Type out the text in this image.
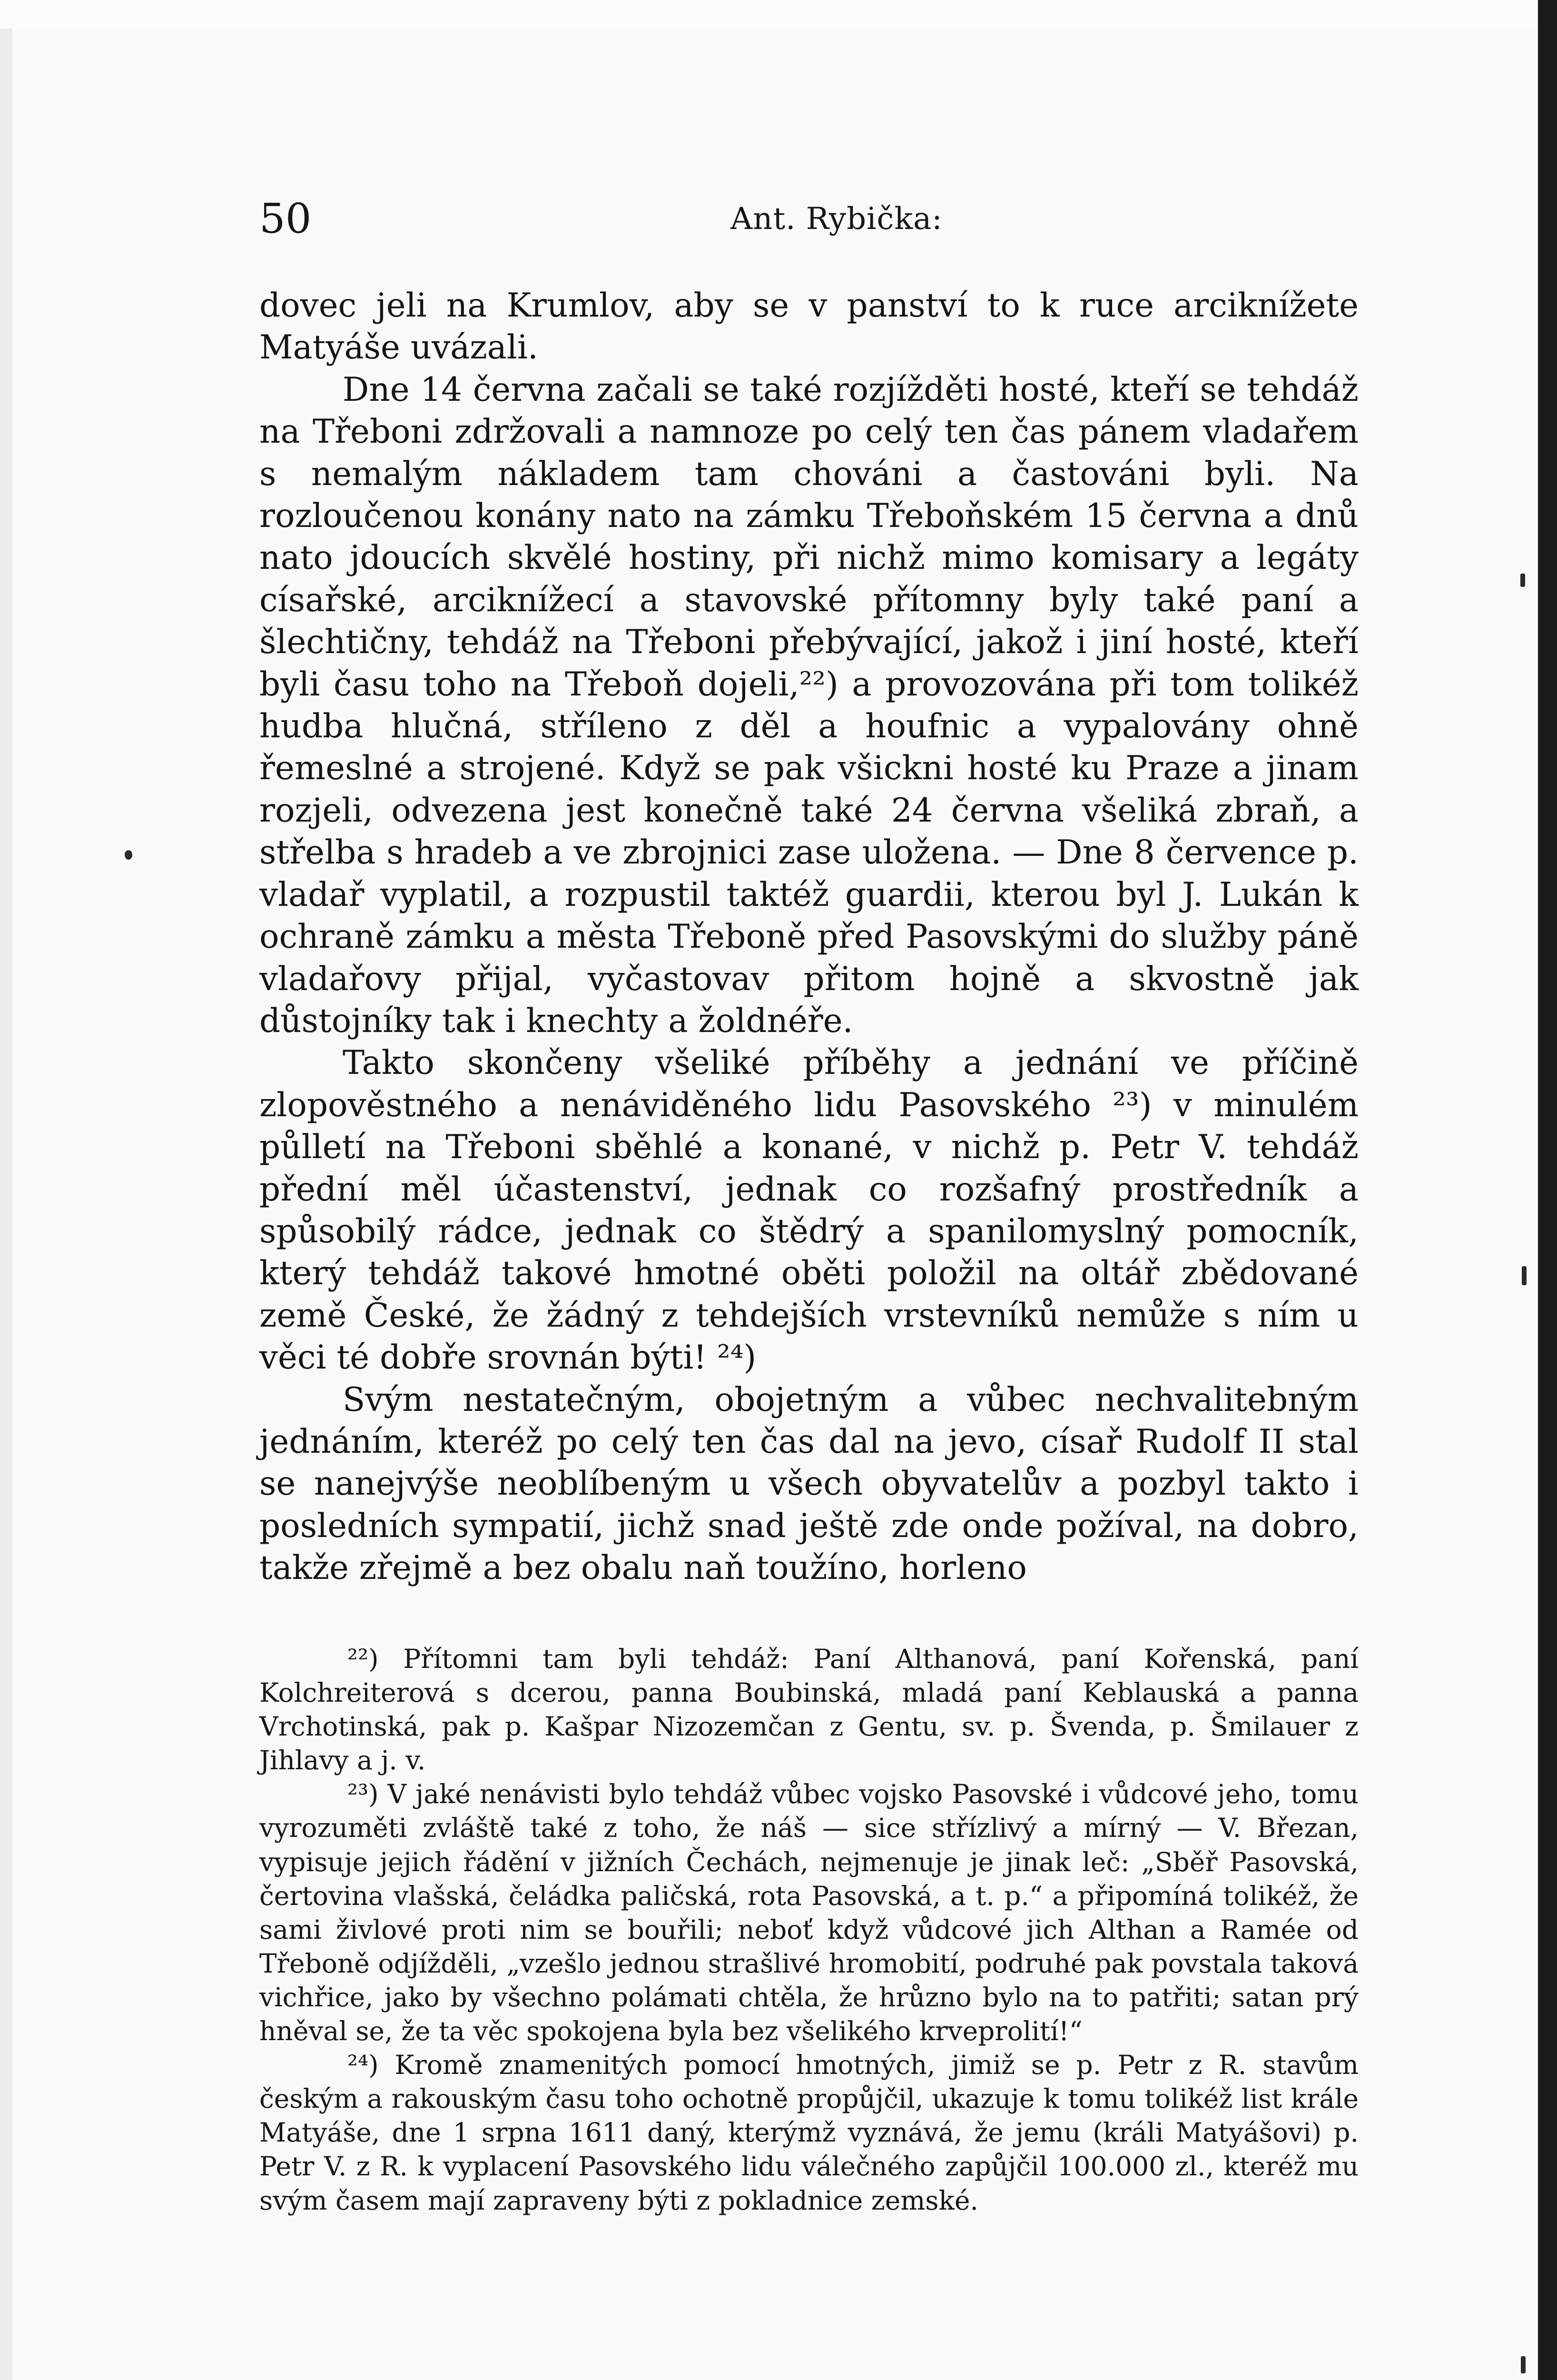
50	Ant. Rybička:

dovec jeli na Krumlov, aby se v panství to k ruce arciknížete Matyáše uvázali.

Dne 14 června začali se také rozjížděti hosté, kteří se tehdáž na Třeboni zdržovali a namnoze po celý ten čas pánem vladařem s nemalým nákladem tam chováni a častováni byli. Na rozloučenou konány nato na zámku Třeboňském 15 června a dnů nato jdoucích skvělé hostiny, při nichž mimo komisary a legáty císařské, arciknížecí a stavovské přítomny byly také paní a šlechtičny, tehdáž na Třeboni přebývající, jakož i jiní hosté, kteří byli času toho na Třeboň dojeli,²²) a provozována při tom tolikéž hudba hlučná, stříleno z děl a houfnic a vypalovány ohně řemeslné a strojené. Když se pak všickni hosté ku Praze a jinam rozjeli, odvezena jest konečně také 24 června všeliká zbraň, a střelba s hradeb a ve zbrojnici zase uložena. — Dne 8 července p. vladař vyplatil, a rozpustil taktéž guardii, kterou byl J. Lukán k ochraně zámku a města Třeboně před Pasovskými do služby páně vladařovy přijal, vyčastovav přitom hojně a skvostně jak důstojníky tak i knechty a žoldnéře.

Takto skončeny všeliké příběhy a jednání ve příčině zlopověstného a nenáviděného lidu Pasovského ²³) v minulém půlletí na Třeboni sběhlé a konané, v nichž p. Petr V. tehdáž přední měl účastenství, jednak co rozšafný prostředník a spůsobilý rádce, jednak co štědrý a spanilomyslný pomocník, který tehdáž takové hmotné oběti položil na oltář zbědované země České, že žádný z tehdejších vrstevníků nemůže s ním u věci té dobře srovnán býti! ²⁴)

Svým nestatečným, obojetným a vůbec nechvalitebným jednáním, kteréž po celý ten čas dal na jevo, císař Rudolf II stal se nanejvýše neoblíbeným u všech obyvatelův a pozbyl takto i posledních sympatií, jichž snad ještě zde onde požíval, na dobro, takže zřejmě a bez obalu naň toužíno, horleno

²²) Přítomni tam byli tehdáž: Paní Althanová, paní Kořenská, paní Kolchreiterová s dcerou, panna Boubinská, mladá paní Keblauská a panna Vrchotinská, pak p. Kašpar Nizozemčan z Gentu, sv. p. Švenda, p. Šmilauer z Jihlavy a j. v.

²³) V jaké nenávisti bylo tehdáž vůbec vojsko Pasovské i vůdcové jeho, tomu vyrozuměti zvláště také z toho, že náš — sice střízlivý a mírný — V. Březan, vypisuje jejich řádění v jižních Čechách, nejmenuje je jinak leč: „Sběř Pasovská, čertovina vlašská, čeládka paličská, rota Pasovská, a t. p.“ a připomíná tolikéž, že sami živlové proti nim se bouřili; neboť když vůdcové jich Althan a Ramée od Třeboně odjížděli, „vzešlo jednou strašlivé hromobití, podruhé pak povstala taková vichřice, jako by všechno polámati chtěla, že hrůzno bylo na to patřiti; satan prý hněval se, že ta věc spokojena byla bez všelikého krveprolití!“

²⁴) Kromě znamenitých pomocí hmotných, jimiž se p. Petr z R. stavům českým a rakouským času toho ochotně propůjčil, ukazuje k tomu tolikéž list krále Matyáše, dne 1 srpna 1611 daný, kterýmž vyznává, že jemu (králi Matyášovi) p. Petr V. z R. k vyplacení Pasovského lidu válečného zapůjčil 100.000 zl., kteréž mu svým časem mají zapraveny býti z pokladnice zemské.
